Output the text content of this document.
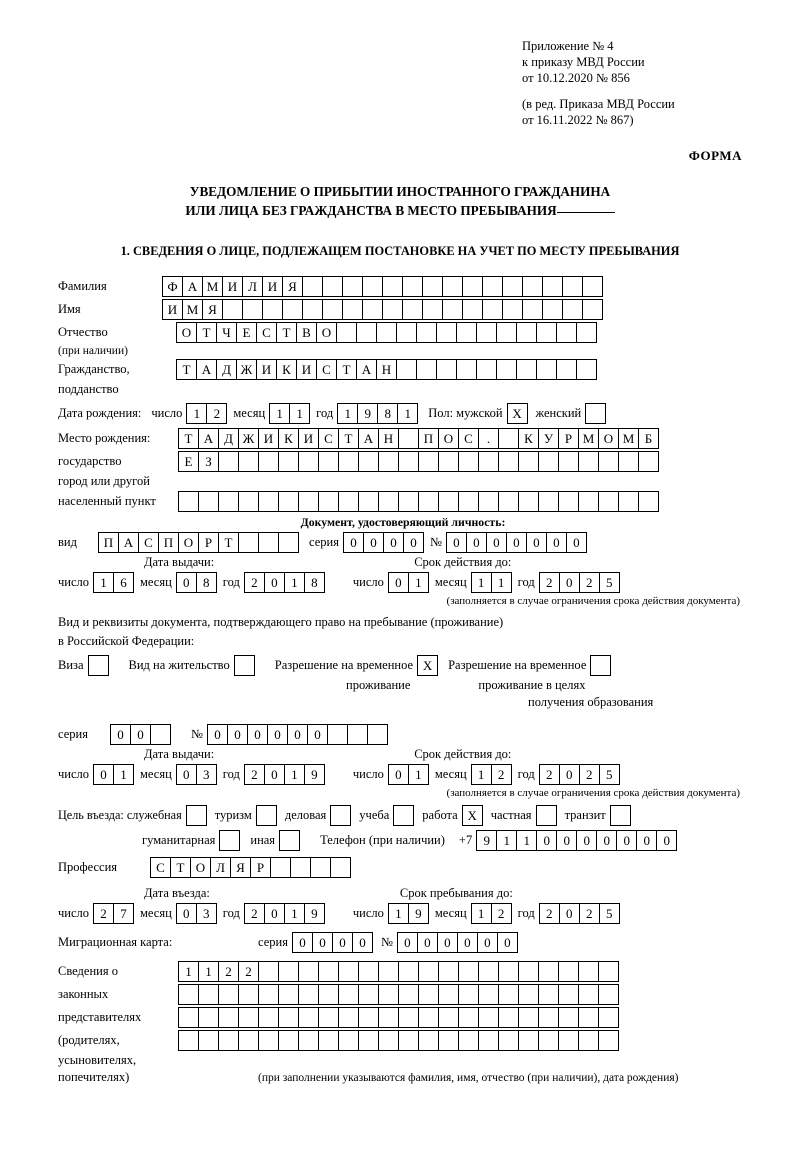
Приложение № 4
к приказу МВД России
от 10.12.2020 № 856
(в ред. Приказа МВД России
от 16.11.2022 № 867)
ФОРМА
УВЕДОМЛЕНИЕ О ПРИБЫТИИ ИНОСТРАННОГО ГРАЖДАНИНА
ИЛИ ЛИЦА БЕЗ ГРАЖДАНСТВА В МЕСТО ПРЕБЫВАНИЯ
1. СВЕДЕНИЯ О ЛИЦЕ, ПОДЛЕЖАЩЕМ ПОСТАНОВКЕ НА УЧЕТ ПО МЕСТУ ПРЕБЫВАНИЯ
Фамилия	Ф А М И Л И Я
Имя	И М Я
Отчество	О Т Ч Е С Т В О
(при наличии)
Гражданство,	Т А Д Ж И К И С Т А Н
подданство
Дата рождения: число 1	2	месяц 1	1	год 1	9	8	1	Пол: мужской X	женский
Место рождения:	Т А Д Ж И К И С Т А Н	П О С	.	К У Р М О М Б
государство	Е З
город или другой
населенный пункт
Документ, удостоверяющий личность:
вид	П А С П О Р Т	серия 0	0	0	0	№ 0	0	0	0	0	0	0
Дата выдачи:	Срок действия до:
число 1	6	месяц 0	8	год 2	0	1	8	число 0	1	месяц 1	1	год 2	0	2	5
(заполняется в случае ограничения срока действия документа)
Вид и реквизиты документа, подтверждающего право на пребывание (проживание)
в Российской Федерации:
Виза	Вид на жительство	Разрешение на временное X	Разрешение на временное
проживание	проживание в целях
получения образования
серия	0	0	№ 0	0	0	0	0	0
Дата выдачи:	Срок действия до:
число 0	1	месяц 0	3	год 2	0	1	9	число 0	1	месяц 1	2	год 2	0	2	5
(заполняется в случае ограничения срока действия документа)
Цель въезда: служебная	туризм	деловая	учеба	работа X	частная	транзит
гуманитарная	иная	Телефон (при наличии) +7 9	1	1	0	0	0	0	0	0	0
Профессия	С Т О Л Я Р
Дата въезда:	Срок пребывания до:
число 2	7	месяц 0	3	год 2	0	1	9	число 1	9	месяц 1	2	год 2	0	2	5
Миграционная карта:	серия 0	0	0	0	№ 0	0	0	0	0	0
Сведения о	1	1	2	2
законных
представителях
(родителях,
усыновителях,
попечителях)	(при заполнении указываются фамилия, имя, отчество (при наличии), дата рождения)
